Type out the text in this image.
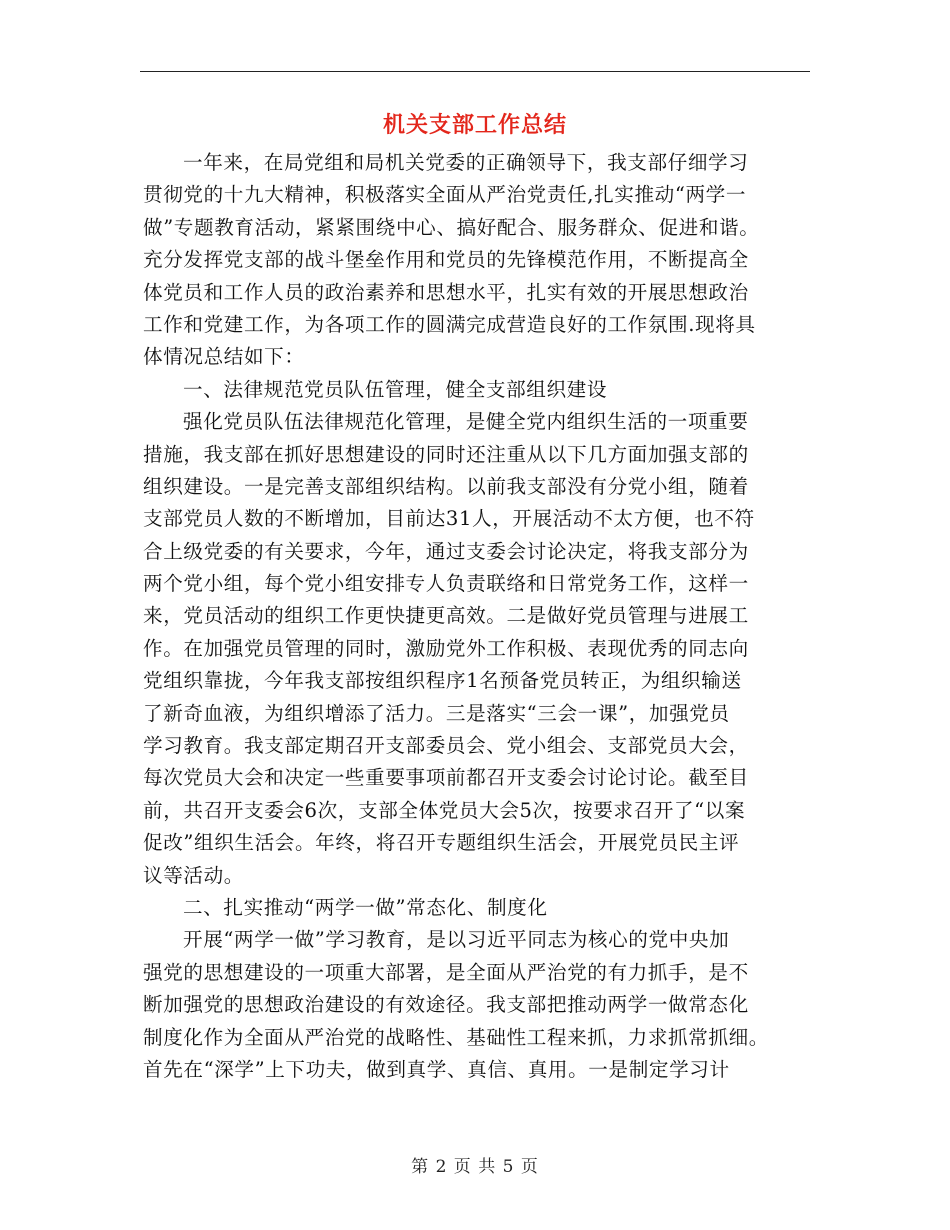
机关支部工作总结
一年来，在局党组和局机关党委的正确领导下，我支部仔细学习
贯彻党的十九大精神，积极落实全面从严治党责任,扎实推动“两学一
做”专题教育活动，紧紧围绕中心、搞好配合、服务群众、促进和谐。
充分发挥党支部的战斗堡垒作用和党员的先锋模范作用，不断提高全
体党员和工作人员的政治素养和思想水平，扎实有效的开展思想政治
工作和党建工作，为各项工作的圆满完成营造良好的工作氛围.现将具
体情况总结如下：
一、法律规范党员队伍管理，健全支部组织建设
强化党员队伍法律规范化管理，是健全党内组织生活的一项重要
措施，我支部在抓好思想建设的同时还注重从以下几方面加强支部的
组织建设。一是完善支部组织结构。以前我支部没有分党小组，随着
支部党员人数的不断增加，目前达31人，开展活动不太方便，也不符
合上级党委的有关要求，今年，通过支委会讨论决定，将我支部分为
两个党小组，每个党小组安排专人负责联络和日常党务工作，这样一
来，党员活动的组织工作更快捷更高效。二是做好党员管理与进展工
作。在加强党员管理的同时，激励党外工作积极、表现优秀的同志向
党组织靠拢，今年我支部按组织程序1名预备党员转正，为组织输送
了新奇血液，为组织增添了活力。三是落实“三会一课”，加强党员
学习教育。我支部定期召开支部委员会、党小组会、支部党员大会，
每次党员大会和决定一些重要事项前都召开支委会讨论讨论。截至目
前，共召开支委会6次，支部全体党员大会5次，按要求召开了“以案
促改”组织生活会。年终，将召开专题组织生活会，开展党员民主评
议等活动。
二、扎实推动“两学一做”常态化、制度化
开展“两学一做”学习教育，是以习近平同志为核心的党中央加
强党的思想建设的一项重大部署，是全面从严治党的有力抓手，是不
断加强党的思想政治建设的有效途径。我支部把推动两学一做常态化
制度化作为全面从严治党的战略性、基础性工程来抓，力求抓常抓细。
首先在“深学”上下功夫，做到真学、真信、真用。一是制定学习计
第 2 页 共 5 页
